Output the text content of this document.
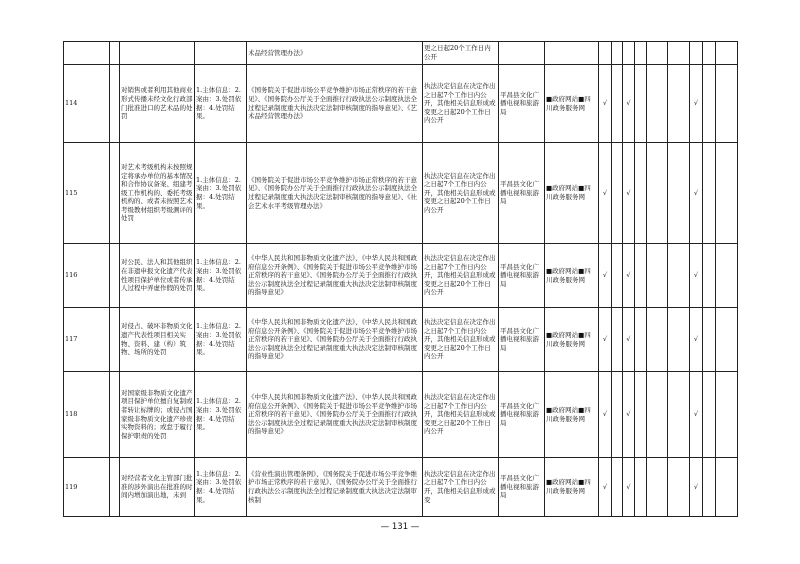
				术品经营管理办法》	更之日起20个工作日内公开											
114		对销售或者利用其他商业形式传播未经文化行政部门批准进口的艺术品的处罚	1.主体信息：2.案由：3.处罚依据：4.处罚结果。	《国务院关于促进市场公平竞争维护市场正常秩序的若干意见》、《国务院办公厅关于全面推行行政执法公示制度执法全过程记录制度重大执法决定法制审核制度的指导意见》、《艺术品经营管理办法》	执法决定信息在决定作出之日起7个工作日内公开，其他相关信息形成或变更之日起20个工作日内公开	平昌县文化广播电视和旅游局	■政府网站■四川政务服务网	√		√				√		
115		对艺术考级机构未按照规定将承办单位的基本情况和合作协议备案、组建考级工作机构的、委托考级机构的、或者未按照艺术考级教材组织考级测评的处罚	1.主体信息：2.案由：3.处罚依据：4.处罚结果。	《国务院关于促进市场公平竞争维护市场正常秩序的若干意见》、《国务院办公厅关于全面推行行政执法公示制度执法全过程记录制度重大执法决定法制审核制度的指导意见》、《社会艺术水平考级管理办法》	执法决定信息在决定作出之日起7个工作日内公开，其他相关信息形成或变更之日起20个工作日内公开	平昌县文化广播电视和旅游局	■政府网站■四川政务服务网	√		√				√		
116		对公民、法人和其他组织在非遗申报文化遗产代表性项目保护单位或者传承人过程中弄虚作假的处罚	1.主体信息：2.案由：3.处罚依据：4.处罚结果。	《中华人民共和国非物质文化遗产法》、《中华人民共和国政府信息公开条例》、《国务院关于促进市场公平竞争维护市场正常秩序的若干意见》、《国务院办公厅关于全面推行行政执法公示制度执法全过程记录制度重大执法决定法制审核制度的指导意见》	执法决定信息在决定作出之日起7个工作日内公开，其他相关信息形成或变更之日起20个工作日内公开	平昌县文化广播电视和旅游局	■政府网站■四川政务服务网	√		√				√		
117		对侵占、破坏非物质文化遗产代表性项目相关实物、资料、建（构）筑物、场所的处罚	1.主体信息：2.案由：3.处罚依据：4.处罚结果。	《中华人民共和国非物质文化遗产法》、《中华人民共和国政府信息公开条例》、《国务院关于促进市场公平竞争维护市场正常秩序的若干意见》、《国务院办公厅关于全面推行行政执法公示制度执法全过程记录制度重大执法决定法制审核制度的指导意见》	执法决定信息在决定作出之日起7个工作日内公开，其他相关信息形成或变更之日起20个工作日内公开	平昌县文化广播电视和旅游局	■政府网站■四川政务服务网	√		√				√		
118		对国家级非物质文化遗产项目保护单位擅自复制或者转让标牌的；或侵占国家级非物质文化遗产珍贵实物资料的；或怠于履行保护职责的处罚	1.主体信息：2.案由：3.处罚依据：4.处罚结果。	《中华人民共和国非物质文化遗产法》、《中华人民共和国政府信息公开条例》、《国务院关于促进市场公平竞争维护市场正常秩序的若干意见》、《国务院办公厅关于全面推行行政执法公示制度执法全过程记录制度重大执法决定法制审核制度的指导意见》	执法决定信息在决定作出之日起7个工作日内公开，其他相关信息形成或变更之日起20个工作日内公开	平昌县文化广播电视和旅游局	■政府网站■四川政务服务网	√		√				√		
119		对经营者文化主管部门批准的涉外演出在批准的时间内增加演出地，未到	1.主体信息：2.案由：3.处罚依据：4.处罚结果。	《营业性演出管理条例》、《国务院关于促进市场公平竞争维护市场正常秩序的若干意见》、《国务院办公厅关于全面推行行政执法公示制度执法全过程记录制度重大执法决定法制审核制	执法决定信息在决定作出之日起7个工作日内公开，其他相关信息形成或变	平昌县文化广播电视和旅游局	■政府网站■四川政务服务网	√		√				√		
— 131 —
